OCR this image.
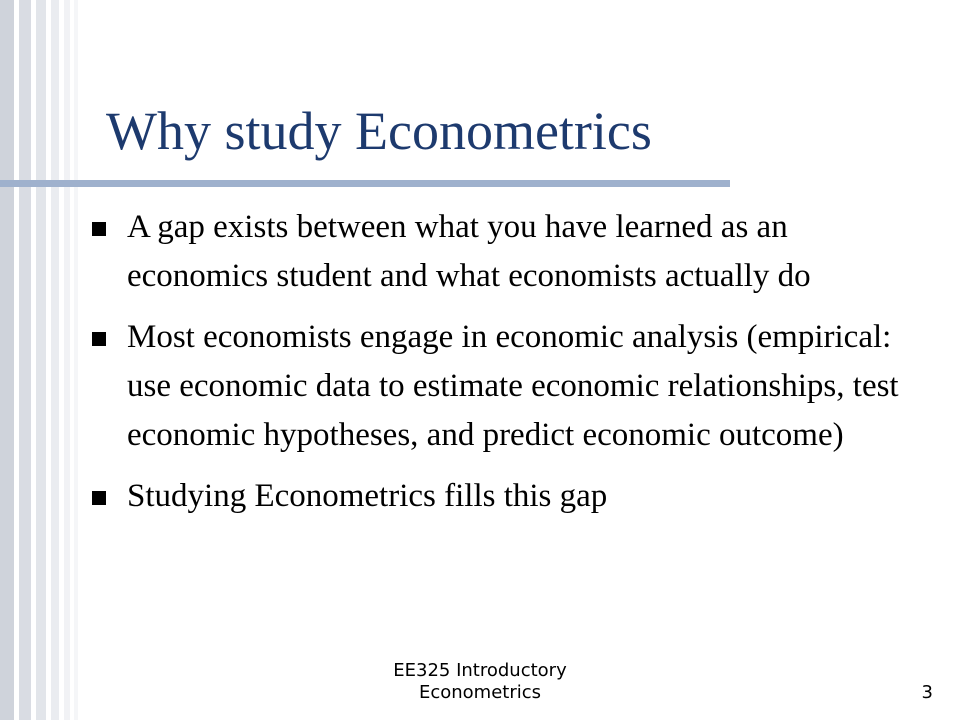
Why study Econometrics
A gap exists between what you have learned as an economics student and what economists actually do
Most economists engage in economic analysis (empirical: use economic data to estimate economic relationships, test economic hypotheses, and predict economic outcome)
Studying Econometrics fills this gap
EE325 Introductory
Econometrics	3
